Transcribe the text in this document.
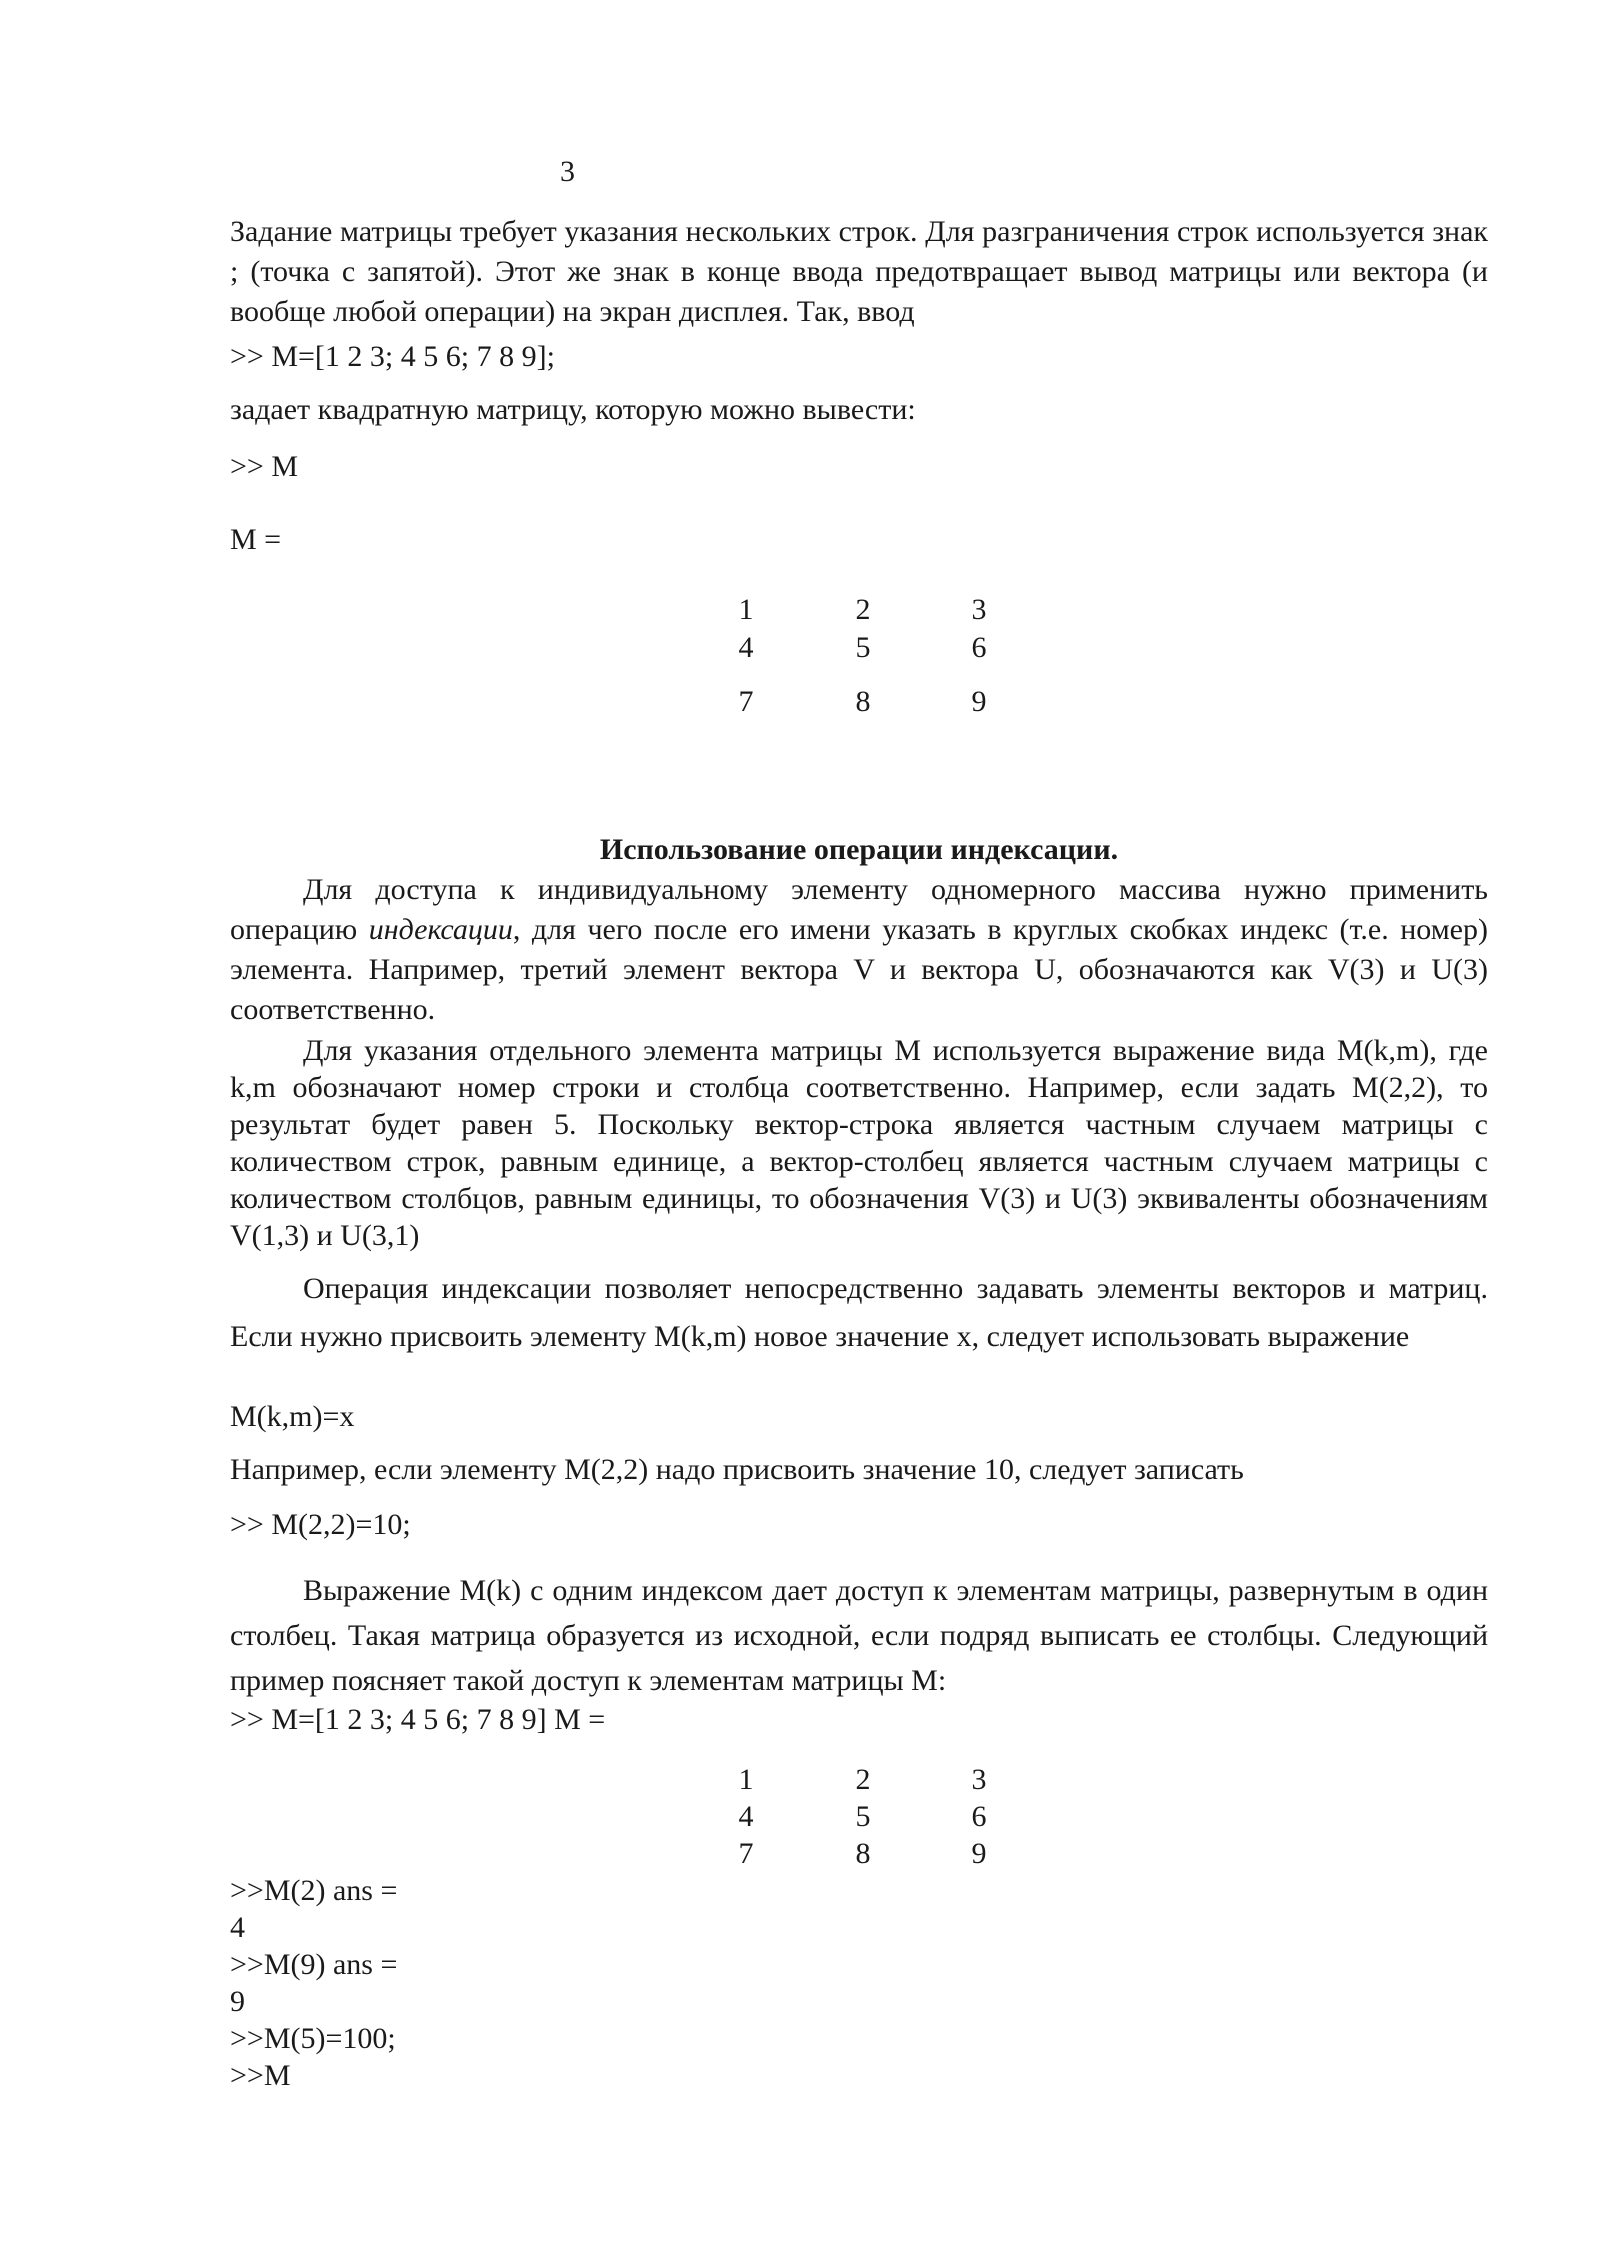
3

Задание матрицы требует указания нескольких строк. Для разграничения строк используется знак ; (точка с запятой). Этот же знак в конце ввода предотвращает вывод матрицы или вектора (и вообще любой операции) на экран дисплея. Так, ввод

>> M=[1 2 3; 4 5 6; 7 8 9];
задает квадратную матрицу, которую можно вывести:
>> M
M =
1	2	3
4	5	6
7	8	9
Использование операции индексации.

Для доступа к индивидуальному элементу одномерного массива нужно применить операцию индексации, для чего после его имени указать в круглых скобках индекс (т.е. номер) элемента. Например, третий элемент вектора V и вектора U, обозначаются как V(3) и U(3) соответственно.

Для указания отдельного элемента матрицы M используется выражение вида M(k,m), где k,m обозначают номер строки и столбца соответственно. Например, если задать M(2,2), то результат будет равен 5. Поскольку вектор-строка является частным случаем матрицы с количеством строк, равным единице, а вектор-столбец является частным случаем матрицы с количеством столбцов, равным единицы, то обозначения V(3) и U(3) эквиваленты обозначениям V(1,3) и U(3,1)

Операция индексации позволяет непосредственно задавать элементы векторов и матриц. Если нужно присвоить элементу M(k,m) новое значение x, следует использовать выражение

M(k,m)=x
Например, если элементу M(2,2) надо присвоить значение 10, следует записать
>> M(2,2)=10;

Выражение M(k) с одним индексом дает доступ к элементам матрицы, развернутым в один столбец. Такая матрица образуется из исходной, если подряд выписать ее столбцы. Следующий пример поясняет такой доступ к элементам матрицы M:

>> M=[1 2 3; 4 5 6; 7 8 9] M =
1	2	3
4	5	6
7	8	9
>>M(2) ans =
4
>>M(9) ans =
9
>>M(5)=100;
>>M
